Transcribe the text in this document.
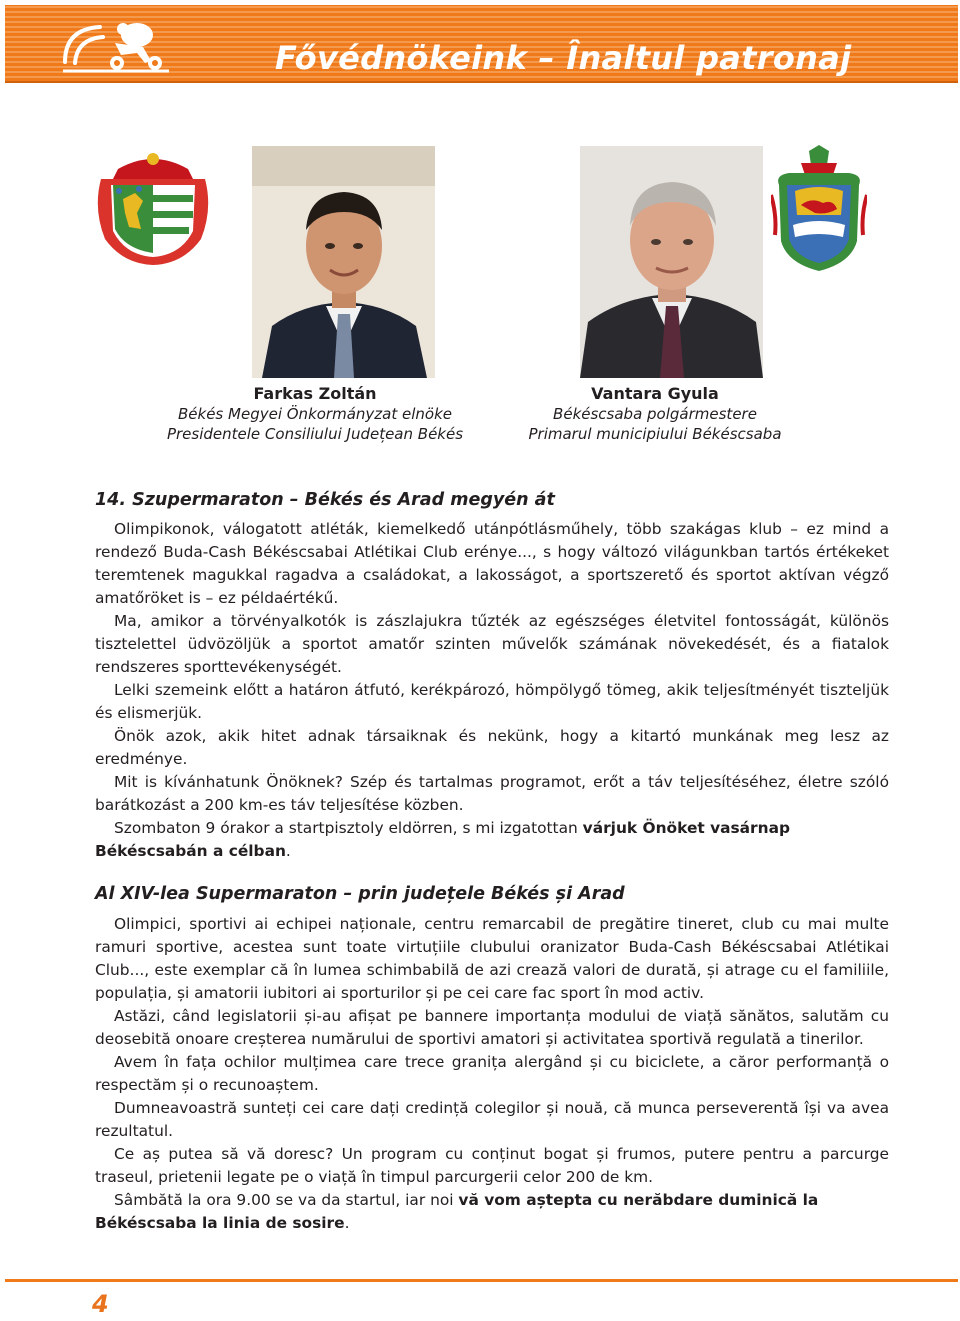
Fővédnökeink – Înaltul patronaj
Farkas Zoltán
Békés Megyei Önkormányzat elnöke
Presidentele Consiliului Județean Békés
Vantara Gyula
Békéscsaba polgármestere
Primarul municipiului Békéscsaba
14. Szupermaraton – Békés és Arad megyén át

Olimpikonok, válogatott atléták, kiemelkedő utánpótlásműhely, több szakágas klub – ez mind a rendező Buda-Cash Békéscsabai Atlétikai Club erénye..., s hogy változó világunkban tartós értékeket teremtenek magukkal ragadva a családokat, a lakosságot, a sportszerető és sportot aktívan végző amatőröket is – ez példaértékű.

Ma, amikor a törvényalkotók is zászlajukra tűzték az egészséges életvitel fontosságát, különös tisztelettel üdvözöljük a sportot amatőr szinten művelők számának növekedését, és a fiatalok rendszeres sporttevékenységét.

Lelki szemeink előtt a határon átfutó, kerékpározó, hömpölygő tömeg, akik teljesítményét tiszteljük és elismerjük.

Önök azok, akik hitet adnak társaiknak és nekünk, hogy a kitartó munkának meg lesz az eredménye.

Mit is kívánhatunk Önöknek? Szép és tartalmas programot, erőt a táv teljesítéséhez, életre szóló barátkozást a 200 km-es táv teljesítése közben.

Szombaton 9 órakor a startpisztoly eldörren, s mi izgatottan várjuk Önöket vasárnap Békéscsabán a célban.

Al XIV-lea Supermaraton – prin județele Békés și Arad

Olimpici, sportivi ai echipei naționale, centru remarcabil de pregătire tineret, club cu mai multe ramuri sportive, acestea sunt toate virtuțiile clubului oranizator Buda-Cash Békéscsabai Atlétikai Club..., este exemplar că în lumea schimbabilă de azi crează valori de durată, și atrage cu el familiile, populația, și amatorii iubitori ai sporturilor și pe cei care fac sport în mod activ.

Astăzi, când legislatorii și-au afișat pe bannere importanța modului de viață sănătos, salutăm cu deosebită onoare creșterea numărului de sportivi amatori și activitatea sportivă regulată a tinerilor.

Avem în fața ochilor mulțimea care trece granița alergând și cu biciclete, a căror performanță o respectăm și o recunoaștem.

Dumneavoastră sunteți cei care dați credință colegilor și nouă, că munca perseverentă își va avea rezultatul.

Ce aș putea să vă doresc? Un program cu conținut bogat și frumos, putere pentru a parcurge traseul, prietenii legate pe o viață în timpul parcurgerii celor 200 de km.

Sâmbătă la ora 9.00 se va da startul, iar noi vă vom aștepta cu nerăbdare duminică la Békéscsaba la linia de sosire.

4
